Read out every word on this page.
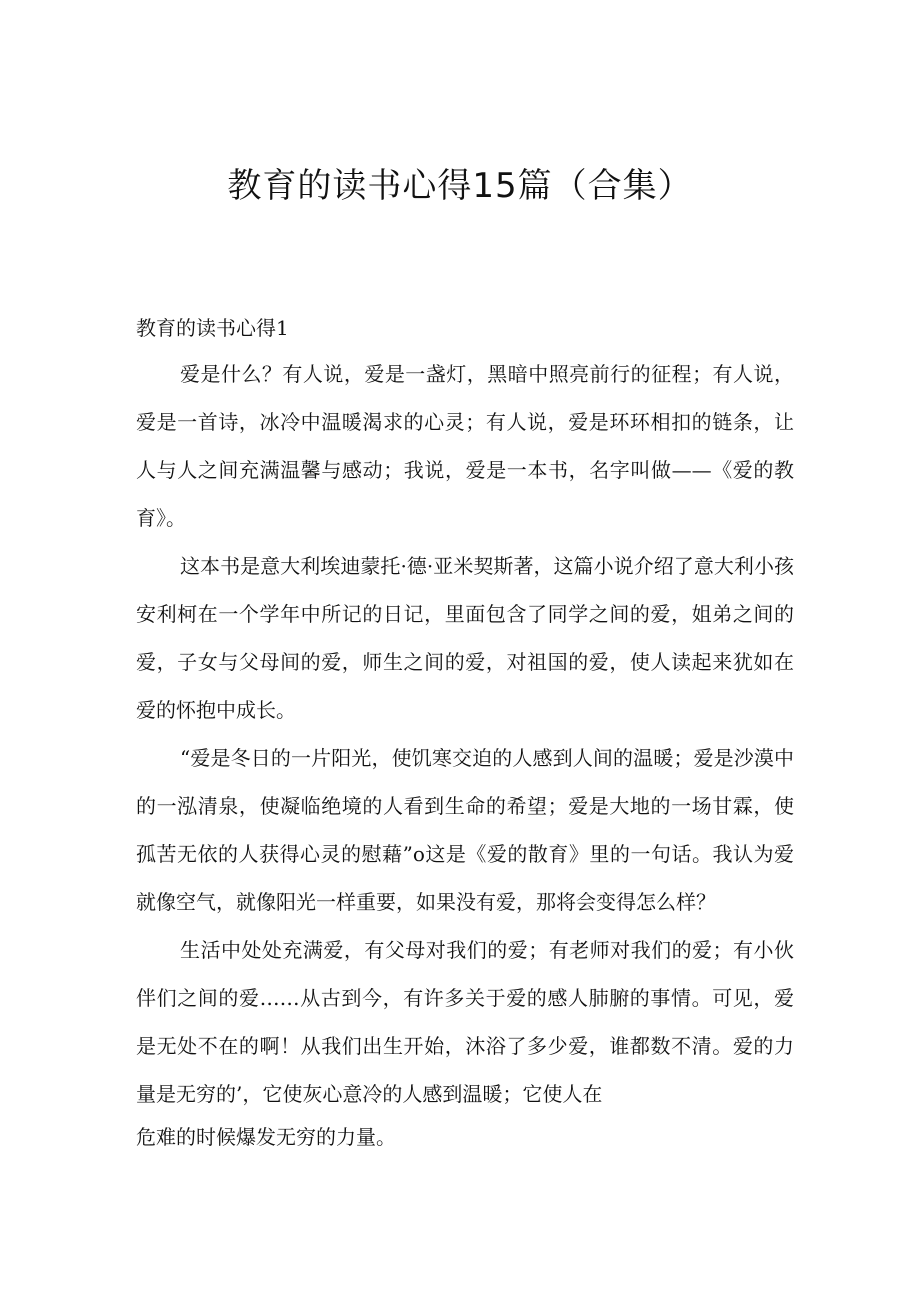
教育的读书心得15篇（合集）
教育的读书心得1

爱是什么？有人说，爱是一盏灯，黑暗中照亮前行的征程；有人说，爱是一首诗，冰冷中温暖渴求的心灵；有人说，爱是环环相扣的链条，让人与人之间充满温馨与感动；我说，爱是一本书，名字叫做——《爱的教育》。

这本书是意大利埃迪蒙托·德·亚米契斯著，这篇小说介绍了意大利小孩安利柯在一个学年中所记的日记，里面包含了同学之间的爱，姐弟之间的爱，子女与父母间的爱，师生之间的爱，对祖国的爱，使人读起来犹如在爱的怀抱中成长。

“爱是冬日的一片阳光，使饥寒交迫的人感到人间的温暖；爱是沙漠中的一泓清泉，使凝临绝境的人看到生命的希望；爱是大地的一场甘霖，使孤苦无依的人获得心灵的慰藉”o这是《爱的散育》里的一句话。我认为爱就像空气，就像阳光一样重要，如果没有爱，那将会变得怎么样？

生活中处处充满爱，有父母对我们的爱；有老师对我们的爱；有小伙伴们之间的爱……从古到今，有许多关于爱的感人肺腑的事情。可见，爱是无处不在的啊！从我们出生开始，沐浴了多少爱，谁都数不清。爱的力量是无穷的’，它使灰心意冷的人感到温暖；它使人在

危难的时候爆发无穷的力量。
